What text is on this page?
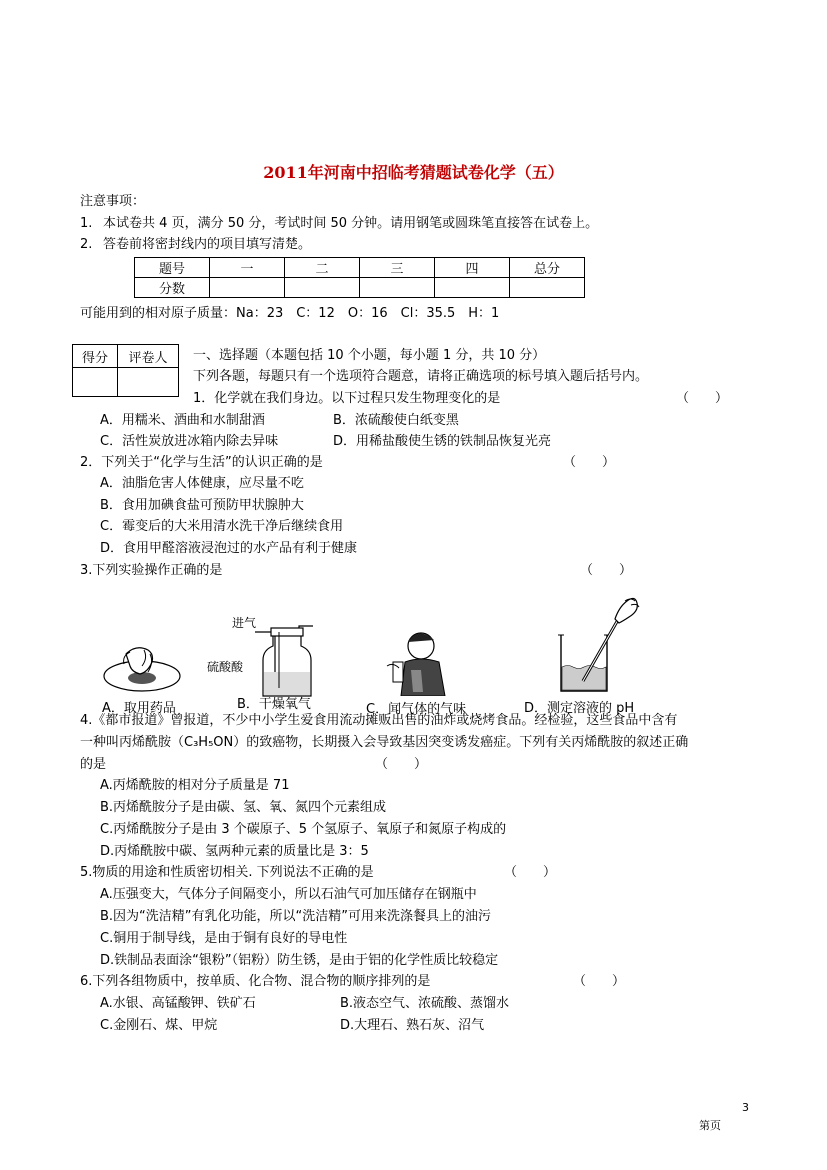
2011年河南中招临考猜题试卷化学（五）
注意事项：
1.  本试卷共 4 页，满分 50 分，考试时间 50 分钟。请用钢笔或圆珠笔直接答在试卷上。
2.  答卷前将密封线内的项目填写清楚。
题号	一	二	三	四	总分
分数					
可能用到的相对原子质量：Na：23 C：12 O：16 Cl：35.5 H：1
得分	评卷人
	一、选择题（本题包括 10 个小题，每小题 1 分，共 10 分）
下列各题，每题只有一个选项符合题意，请将正确选项的标号填入题后括号内。
1．化学就在我们身边。以下过程只发生物理变化的是	（  ）
A．用糯米、酒曲和水制甜酒	B．浓硫酸使白纸变黑
C．活性炭放进冰箱内除去异味	D．用稀盐酸使生锈的铁制品恢复光亮
2．下列关于“化学与生活”的认识正确的是	（  ）
A．油脂危害人体健康，应尽量不吃
B．食用加碘食盐可预防甲状腺肿大
C．霉变后的大米用清水洗干净后继续食用
D．食用甲醛溶液浸泡过的水产品有利于健康
3.下列实验操作正确的是	（  ）
A．取用药品
进气
硫酸酸
B．干燥氧气	C．闻气体的气味	D．测定溶液的 pH
4.《都市报道》曾报道，不少中小学生爱食用流动摊贩出售的油炸或烧烤食品。经检验，这些食品中含有
一种叫丙烯酰胺（C₃H₅ON）的致癌物，长期摄入会导致基因突变诱发癌症。下列有关丙烯酰胺的叙述正确
的是	（  ）
A.丙烯酰胺的相对分子质量是 71
B.丙烯酰胺分子是由碳、氢、氧、氮四个元素组成
C.丙烯酰胺分子是由 3 个碳原子、5 个氢原子、氧原子和氮原子构成的
D.丙烯酰胺中碳、氢两种元素的质量比是 3：5
5.物质的用途和性质密切相关. 下列说法不正确的是	（  ）
A.压强变大，气体分子间隔变小，所以石油气可加压储存在钢瓶中
B.因为“洗洁精”有乳化功能，所以“洗洁精”可用来洗涤餐具上的油污
C.铜用于制导线，是由于铜有良好的导电性
D.铁制品表面涂“银粉”（铝粉）防生锈，是由于铝的化学性质比较稳定
6.下列各组物质中，按单质、化合物、混合物的顺序排列的是	（  ）
A.水银、高锰酸钾、铁矿石	B.液态空气、浓硫酸、蒸馏水
C.金刚石、煤、甲烷	D.大理石、熟石灰、沼气
3
第页
